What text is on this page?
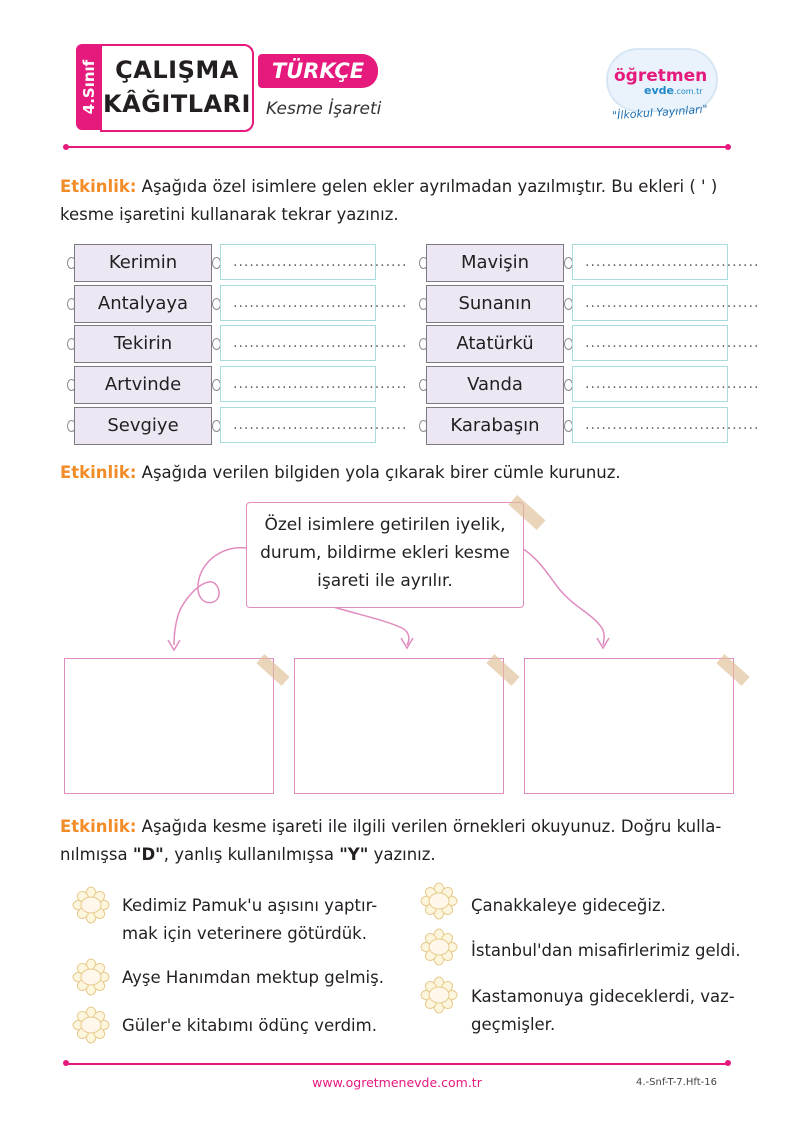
4.Sınıf ÇALIŞMA
KÂĞITLARI
TÜRKÇE
Kesme İşareti
öğretmen
evde.com.tr
"İlkokul Yayınları"
Etkinlik: Aşağıda özel isimlere gelen ekler ayrılmadan yazılmıştır. Bu ekleri ( ' )
kesme işaretini kullanarak tekrar yazınız.
Kerimin	................................
Antalyaya	................................
Tekirin	................................
Artvinde	................................
Sevgiye	................................
Mavişin	................................
Sunanın	................................
Atatürkü	................................
Vanda	................................
Karabaşın	................................
Etkinlik: Aşağıda verilen bilgiden yola çıkarak birer cümle kurunuz.
Özel isimlere getirilen iyelik,
durum, bildirme ekleri kesme
işareti ile ayrılır.
Etkinlik: Aşağıda kesme işareti ile ilgili verilen örnekleri okuyunuz. Doğru kulla-
nılmışsa "D", yanlış kullanılmışsa "Y" yazınız.
Kedimiz Pamuk'u aşısını yaptır-
mak için veterinere götürdük.
Ayşe Hanımdan mektup gelmiş.
Güler'e kitabımı ödünç verdim.
Çanakkaleye gideceğiz.
İstanbul'dan misafirlerimiz geldi.
Kastamonuya gideceklerdi, vaz-
geçmişler.
www.ogretmenevde.com.tr	4.-Snf-T-7.Hft-16
